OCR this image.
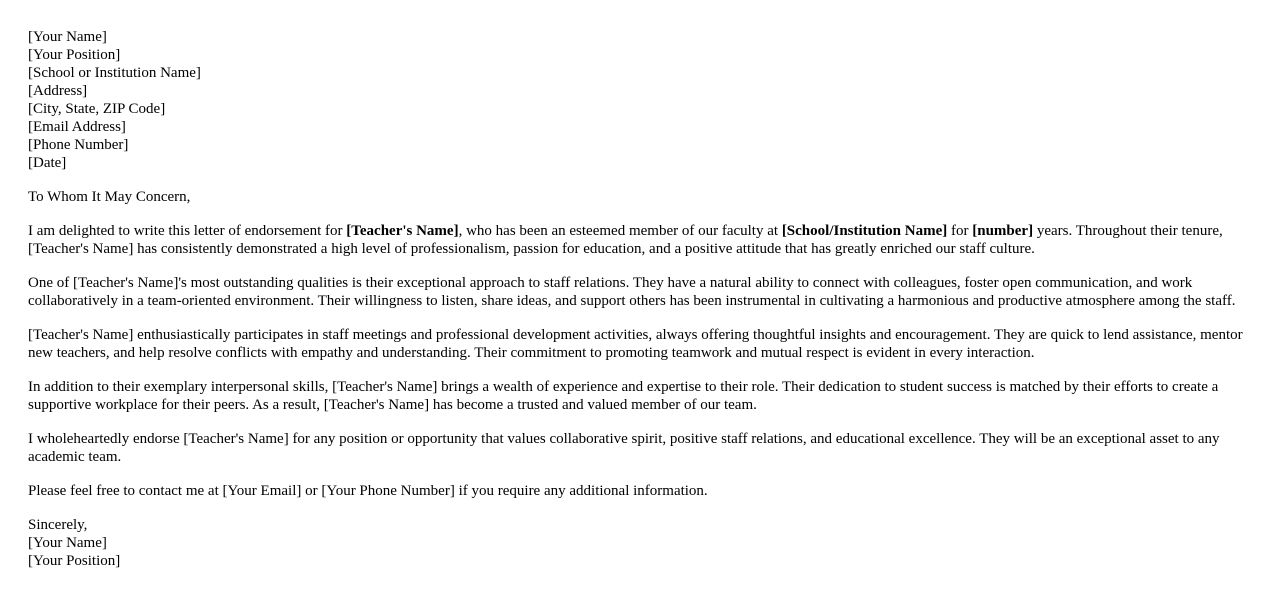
[Your Name]
[Your Position]
[School or Institution Name]
[Address]
[City, State, ZIP Code]
[Email Address]
[Phone Number]
[Date]

To Whom It May Concern,

I am delighted to write this letter of endorsement for [Teacher's Name], who has been an esteemed member of our faculty at [School/Institution Name] for [number] years. Throughout their tenure, [Teacher's Name] has consistently demonstrated a high level of professionalism, passion for education, and a positive attitude that has greatly enriched our staff culture.

One of [Teacher's Name]'s most outstanding qualities is their exceptional approach to staff relations. They have a natural ability to connect with colleagues, foster open communication, and work collaboratively in a team-oriented environment. Their willingness to listen, share ideas, and support others has been instrumental in cultivating a harmonious and productive atmosphere among the staff.

[Teacher's Name] enthusiastically participates in staff meetings and professional development activities, always offering thoughtful insights and encouragement. They are quick to lend assistance, mentor new teachers, and help resolve conflicts with empathy and understanding. Their commitment to promoting teamwork and mutual respect is evident in every interaction.

In addition to their exemplary interpersonal skills, [Teacher's Name] brings a wealth of experience and expertise to their role. Their dedication to student success is matched by their efforts to create a supportive workplace for their peers. As a result, [Teacher's Name] has become a trusted and valued member of our team.

I wholeheartedly endorse [Teacher's Name] for any position or opportunity that values collaborative spirit, positive staff relations, and educational excellence. They will be an exceptional asset to any academic team.

Please feel free to contact me at [Your Email] or [Your Phone Number] if you require any additional information.

Sincerely,
[Your Name]
[Your Position]
